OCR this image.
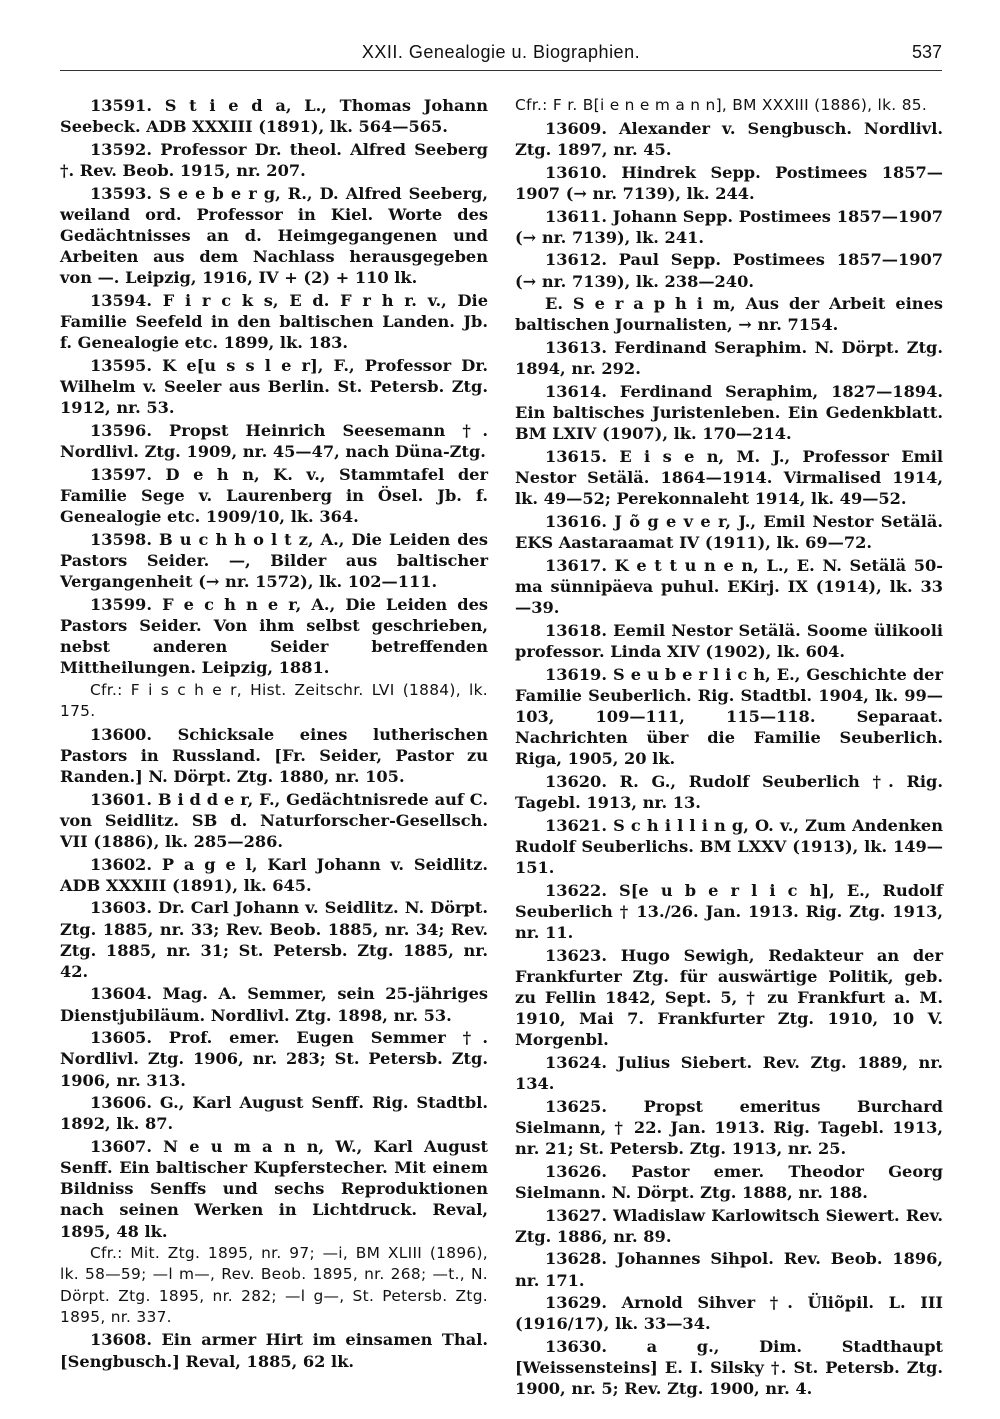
XXII. Genealogie u. Biographien.	537

13591. S t i e d a, L., Thomas Johann Seebeck. ADB XXXIII (1891), lk. 564—565.

13592. Professor Dr. theol. Alfred Seeberg †. Rev. Beob. 1915, nr. 207.

13593. S e e b e r g, R., D. Alfred Seeberg, weiland ord. Professor in Kiel. Worte des Gedächtnisses an d. Heimgegangenen und Arbeiten aus dem Nachlass herausgegeben von —. Leipzig, 1916, IV + (2) + 110 lk.

13594. F i r c k s, E d. F r h r. v., Die Familie Seefeld in den baltischen Landen. Jb. f. Genealogie etc. 1899, lk. 183.

13595. K e[u s s l e r], F., Professor Dr. Wilhelm v. Seeler aus Berlin. St. Petersb. Ztg. 1912, nr. 53.

13596. Propst Heinrich Seesemann †. Nordlivl. Ztg. 1909, nr. 45—47, nach Düna-Ztg.

13597. D e h n, K. v., Stammtafel der Familie Sege v. Laurenberg in Ösel. Jb. f. Genealogie etc. 1909/10, lk. 364.

13598. B u c h h o l t z, A., Die Leiden des Pastors Seider. —, Bilder aus baltischer Vergangenheit (→ nr. 1572), lk. 102—111.

13599. F e c h n e r, A., Die Leiden des Pastors Seider. Von ihm selbst geschrieben, nebst anderen Seider betreffenden Mittheilungen. Leipzig, 1881.

Cfr.: F i s c h e r, Hist. Zeitschr. LVI (1884), lk. 175.

13600. Schicksale eines lutherischen Pastors in Russland. [Fr. Seider, Pastor zu Randen.] N. Dörpt. Ztg. 1880, nr. 105.

13601. B i d d e r, F., Gedächtnisrede auf C. von Seidlitz. SB d. Naturforscher-Gesellsch. VII (1886), lk. 285—286.

13602. P a g e l, Karl Johann v. Seidlitz. ADB XXXIII (1891), lk. 645.

13603. Dr. Carl Johann v. Seidlitz. N. Dörpt. Ztg. 1885, nr. 33; Rev. Beob. 1885, nr. 34; Rev. Ztg. 1885, nr. 31; St. Petersb. Ztg. 1885, nr. 42.

13604. Mag. A. Semmer, sein 25-jähriges Dienstjubiläum. Nordlivl. Ztg. 1898, nr. 53.

13605. Prof. emer. Eugen Semmer †. Nordlivl. Ztg. 1906, nr. 283; St. Petersb. Ztg. 1906, nr. 313.

13606. G., Karl August Senff. Rig. Stadtbl. 1892, lk. 87.

13607. N e u m a n n, W., Karl August Senff. Ein baltischer Kupferstecher. Mit einem Bildniss Senffs und sechs Reproduktionen nach seinen Werken in Lichtdruck. Reval, 1895, 48 lk.

Cfr.: Mit. Ztg. 1895, nr. 97; —i, BM XLIII (1896), lk. 58—59; —l m—, Rev. Beob. 1895, nr. 268; —t., N. Dörpt. Ztg. 1895, nr. 282; —l g—, St. Petersb. Ztg. 1895, nr. 337.

13608. Ein armer Hirt im einsamen Thal. [Sengbusch.] Reval, 1885, 62 lk.

Cfr.: F r. B[i e n e m a n n], BM XXXIII (1886), lk. 85.

13609. Alexander v. Sengbusch. Nordlivl. Ztg. 1897, nr. 45.

13610. Hindrek Sepp. Postimees 1857—1907 (→ nr. 7139), lk. 244.

13611. Johann Sepp. Postimees 1857—1907 (→ nr. 7139), lk. 241.

13612. Paul Sepp. Postimees 1857—1907 (→ nr. 7139), lk. 238—240.

E. S e r a p h i m, Aus der Arbeit eines baltischen Journalisten, → nr. 7154.

13613. Ferdinand Seraphim. N. Dörpt. Ztg. 1894, nr. 292.

13614. Ferdinand Seraphim, 1827—1894. Ein baltisches Juristenleben. Ein Gedenkblatt. BM LXIV (1907), lk. 170—214.

13615. E i s e n, M. J., Professor Emil Nestor Setälä. 1864—1914. Virmalised 1914, lk. 49—52; Perekonnaleht 1914, lk. 49—52.

13616. J õ g e v e r, J., Emil Nestor Setälä. EKS Aastaraamat IV (1911), lk. 69—72.

13617. K e t t u n e n, L., E. N. Setälä 50-ma sünnipäeva puhul. EKirj. IX (1914), lk. 33—39.

13618. Eemil Nestor Setälä. Soome ülikooli professor. Linda XIV (1902), lk. 604.

13619. S e u b e r l i c h, E., Geschichte der Familie Seuberlich. Rig. Stadtbl. 1904, lk. 99—103, 109—111, 115—118. Separaat. Nachrichten über die Familie Seuberlich. Riga, 1905, 20 lk.

13620. R. G., Rudolf Seuberlich †. Rig. Tagebl. 1913, nr. 13.

13621. S c h i l l i n g, O. v., Zum Andenken Rudolf Seuberlichs. BM LXXV (1913), lk. 149—151.

13622. S[e u b e r l i c h], E., Rudolf Seuberlich † 13./26. Jan. 1913. Rig. Ztg. 1913, nr. 11.

13623. Hugo Sewigh, Redakteur an der Frankfurter Ztg. für auswärtige Politik, geb. zu Fellin 1842, Sept. 5, † zu Frankfurt a. M. 1910, Mai 7. Frankfurter Ztg. 1910, 10 V. Morgenbl.

13624. Julius Siebert. Rev. Ztg. 1889, nr. 134.

13625. Propst emeritus Burchard Sielmann, † 22. Jan. 1913. Rig. Tagebl. 1913, nr. 21; St. Petersb. Ztg. 1913, nr. 25.

13626. Pastor emer. Theodor Georg Sielmann. N. Dörpt. Ztg. 1888, nr. 188.

13627. Wladislaw Karlowitsch Siewert. Rev. Ztg. 1886, nr. 89.

13628. Johannes Sihpol. Rev. Beob. 1896, nr. 171.

13629. Arnold Sihver †. Üliõpil. L. III (1916/17), lk. 33—34.

13630. a g., Dim. Stadthaupt [Weissensteins] E. I. Silsky †. St. Petersb. Ztg. 1900, nr. 5; Rev. Ztg. 1900, nr. 4.
